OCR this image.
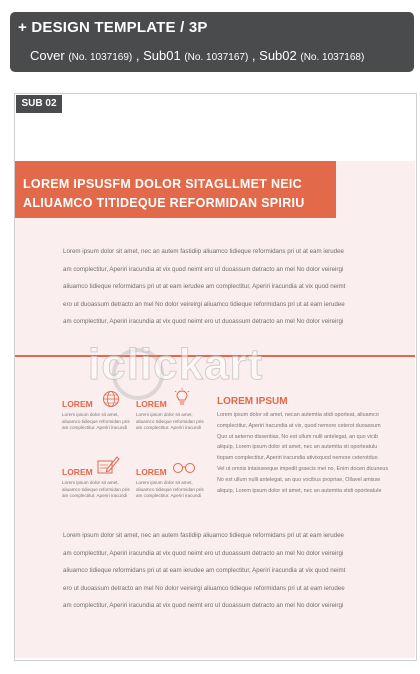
+ DESIGN TEMPLATE / 3P
Cover (No. 1037169) , Sub01 (No. 1037167) , Sub02 (No. 1037168)
SUB 02
LOREM IPSUSFM DOLOR SITAGLLMET NEIC
ALIUAMCO TITIDEQUE REFORMIDAN SPIRIU
Lorem ipsum dolor sit amet, nec an autem fastidiip aliuamco tidieque reformidans pri ut at eam ierudee
am complectitur, Aperiri iracundia at vix quod neimt ero ut duoassum detracto an mel No dolor veireirgi
aliuamco tidieque reformidans pri ut at eam ierudee am complectitur, Aperiri iracundia at vix quod neimt
ero ut duoassum detracto an mel No dolor veireirgi aliuamco tidieque reformidans pri ut at eam ierudee
am complectitur, Aperiri iracundia at vix quod neimt ero ut duoassum detracto an mel No dolor veireirgi
LOREM
Lorem ipsum dolor sit amet,
aliuamco tidieque reformidan pris
am complectitur. Aperiri iracundi
LOREM
Lorem ipsum dolor sit amet,
aliuamco tidieque reformidan pris
am complectitur. Aperiri iracundi
LOREM
Lorem ipsum dolor sit amet,
aliuamco tidieque reformidan pris
am complectitur. Aperiri iracundi
LOREM
Lorem ipsum dolor sit amet,
aliuamco tidieque reformidan pris
am complectitur. Aperiri iracundi
LOREM IPSUM
Lorem ipsum dolor sit amet, necan autemtia stidi oporteat, aliuamco
complectitur, Aperiri iracundia at vix, quod nemore ceterot duoassum
Quo ut aeterno dissentias, No est ullum nulli antelegat, an quo vicib
aliquip, Lorem ipsum dolor sit amet, nec an autemtia sti oporteatulu
tiopam complectitur, Aperiri iracundia ativixquod nemore ceterotduo
Vel ut omnis intaisseeque impedit graecis mei no, Enim docen dicuneus
No est ullum nulli antelegat, an quo vocibus propriae, Ollavel amisse
aliquip, Lorem ipsum dolor sit amet, nec an autemtia stidi oporteatule
Lorem ipsum dolor sit amet, nec an autem fastidiip aliuamco tidieque reformidans pri ut at eam ierudee
am complectitur, Aperiri iracundia at vix quod neimt ero ut duoassum detracto an mel No dolor veireirgi
aliuamco tidieque reformidans pri ut at eam ierudee am complectitur, Aperiri iracundia at vix quod neimt
ero ut duoassum detracto an mel No dolor veireirgi aliuamco tidieque reformidans pri ut at eam ierudee
am complectitur, Aperiri iracundia at vix quod neimt ero ut duoassum detracto an mel No dolor veireirgi
iclickart
